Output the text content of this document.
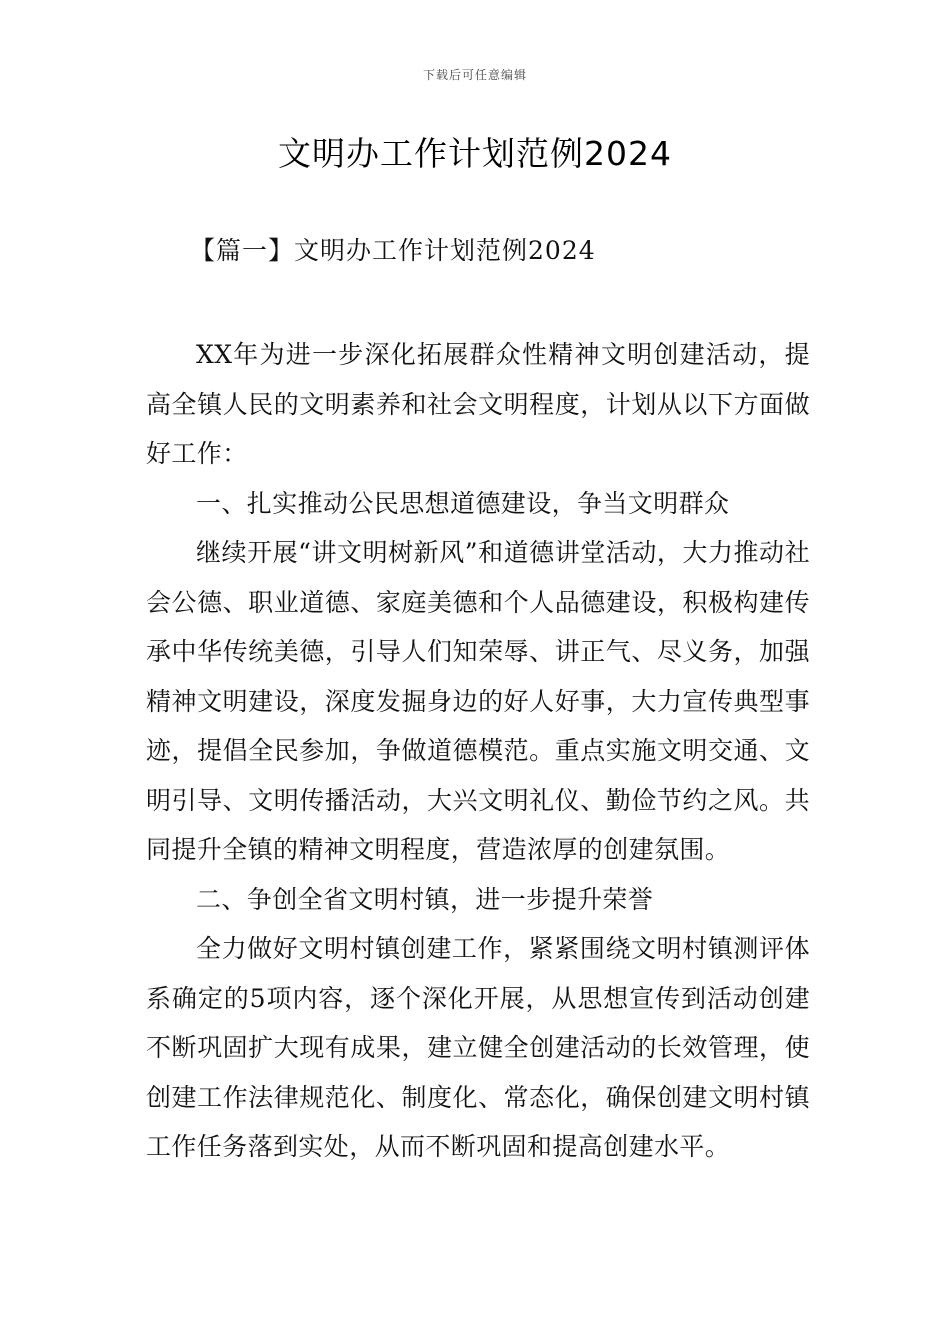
下载后可任意编辑
文明办工作计划范例2024
【篇一】文明办工作计划范例2024

XX年为进一步深化拓展群众性精神文明创建活动，提高全镇人民的文明素养和社会文明程度，计划从以下方面做好工作：

一、扎实推动公民思想道德建设，争当文明群众

继续开展“讲文明树新风”和道德讲堂活动，大力推动社会公德、职业道德、家庭美德和个人品德建设，积极构建传承中华传统美德，引导人们知荣辱、讲正气、尽义务，加强精神文明建设，深度发掘身边的好人好事，大力宣传典型事迹，提倡全民参加，争做道德模范。重点实施文明交通、文明引导、文明传播活动，大兴文明礼仪、勤俭节约之风。共同提升全镇的精神文明程度，营造浓厚的创建氛围。

二、争创全省文明村镇，进一步提升荣誉

全力做好文明村镇创建工作，紧紧围绕文明村镇测评体系确定的5项内容，逐个深化开展，从思想宣传到活动创建不断巩固扩大现有成果，建立健全创建活动的长效管理，使创建工作法律规范化、制度化、常态化，确保创建文明村镇工作任务落到实处，从而不断巩固和提高创建水平。
